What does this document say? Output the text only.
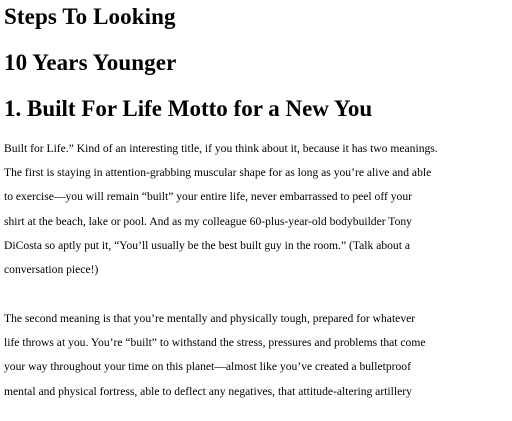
Steps To Looking
10 Years Younger
1. Built For Life Motto for a New You

Built for Life.” Kind of an interesting title, if you think about it, because it has two meanings.
The first is staying in attention-grabbing muscular shape for as long as you’re alive and able
to exercise—you will remain “built” your entire life, never embarrassed to peel off your
shirt at the beach, lake or pool. And as my colleague 60-plus-year-old bodybuilder Tony
DiCosta so aptly put it, “You’ll usually be the best built guy in the room.” (Talk about a
conversation piece!)

The second meaning is that you’re mentally and physically tough, prepared for whatever
life throws at you. You’re “built” to withstand the stress, pressures and problems that come
your way throughout your time on this planet—almost like you’ve created a bulletproof
mental and physical fortress, able to deflect any negatives, that attitude-altering artillery
